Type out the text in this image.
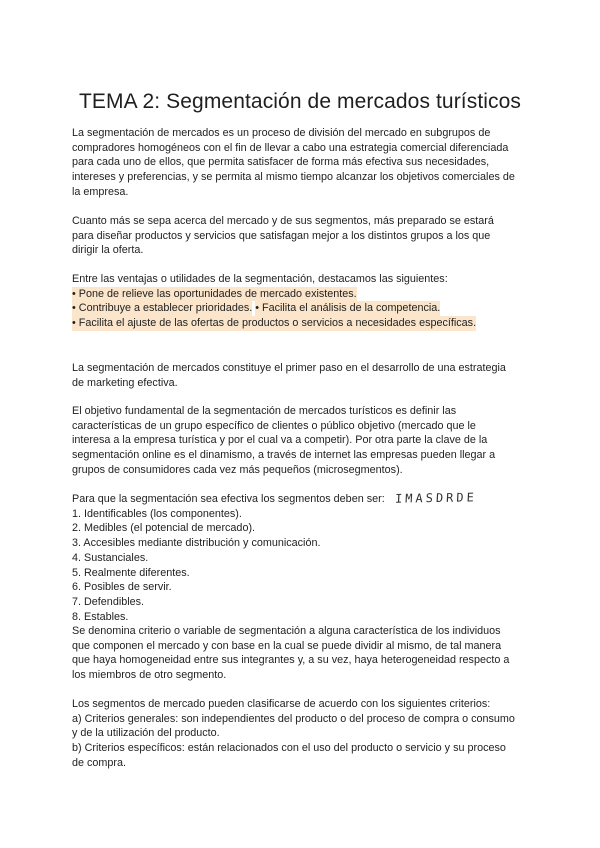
TEMA 2: Segmentación de mercados turísticos

La segmentación de mercados es un proceso de división del mercado en subgrupos de
compradores homogéneos con el fin de llevar a cabo una estrategia comercial diferenciada
para cada uno de ellos, que permita satisfacer de forma más efectiva sus necesidades,
intereses y preferencias, y se permita al mismo tiempo alcanzar los objetivos comerciales de
la empresa.

Cuanto más se sepa acerca del mercado y de sus segmentos, más preparado se estará
para diseñar productos y servicios que satisfagan mejor a los distintos grupos a los que
dirigir la oferta.

Entre las ventajas o utilidades de la segmentación, destacamos las siguientes:
• Pone de relieve las oportunidades de mercado existentes. • Contribuye a establecer prioridades. • Facilita el análisis de la competencia. • Facilita el ajuste de las ofertas de productos o servicios a necesidades específicas.

La segmentación de mercados constituye el primer paso en el desarrollo de una estrategia
de marketing efectiva.

El objetivo fundamental de la segmentación de mercados turísticos es definir las
características de un grupo específico de clientes o público objetivo (mercado que le
interesa a la empresa turística y por el cual va a competir). Por otra parte la clave de la
segmentación online es el dinamismo, a través de internet las empresas pueden llegar a
grupos de consumidores cada vez más pequeños (microsegmentos).

Para que la segmentación sea efectiva los segmentos deben ser: IMASDRDE
1. Identificables (los componentes).
2. Medibles (el potencial de mercado).
3. Accesibles mediante distribución y comunicación.
4. Sustanciales.
5. Realmente diferentes.
6. Posibles de servir.
7. Defendibles.
8. Estables.

Se denomina criterio o variable de segmentación a alguna característica de los individuos
que componen el mercado y con base en la cual se puede dividir al mismo, de tal manera
que haya homogeneidad entre sus integrantes y, a su vez, haya heterogeneidad respecto a
los miembros de otro segmento.

Los segmentos de mercado pueden clasificarse de acuerdo con los siguientes criterios:
a) Criterios generales: son independientes del producto o del proceso de compra o consumo
y de la utilización del producto.
b) Criterios específicos: están relacionados con el uso del producto o servicio y su proceso
de compra.
